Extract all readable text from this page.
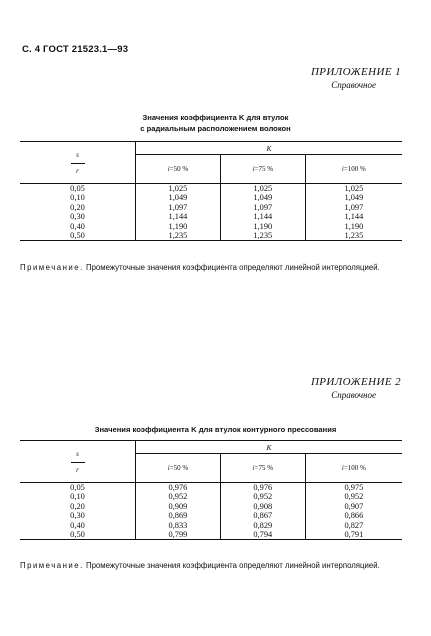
С. 4 ГОСТ 21523.1—93
ПРИЛОЖЕНИЕ 1
Справочное
Значения коэффициента K для втулок
с радиальным расположением волокон
s
r	K		
	i=50 %	i=75 %	i=100 %
0,05	1,025	1,025	1,025
0,10	1,049	1,049	1,049
0,20	1,097	1,097	1,097
0,30	1,144	1,144	1,144
0,40	1,190	1,190	1,190
0,50	1,235	1,235	1,235

Примечание. Промежуточные значения коэффициента определяют линейной интерполяцией.
ПРИЛОЖЕНИЕ 2
Справочное
Значения коэффициента K для втулок контурного прессования
s
r	K		
	i=50 %	i=75 %	i=100 %
0,05	0,976	0,976	0,975
0,10	0,952	0,952	0,952
0,20	0,909	0,908	0,907
0,30	0,869	0,867	0,866
0,40	0,833	0,829	0,827
0,50	0,799	0,794	0,791

Примечание. Промежуточные значения коэффициента определяют линейной интерполяцией.
